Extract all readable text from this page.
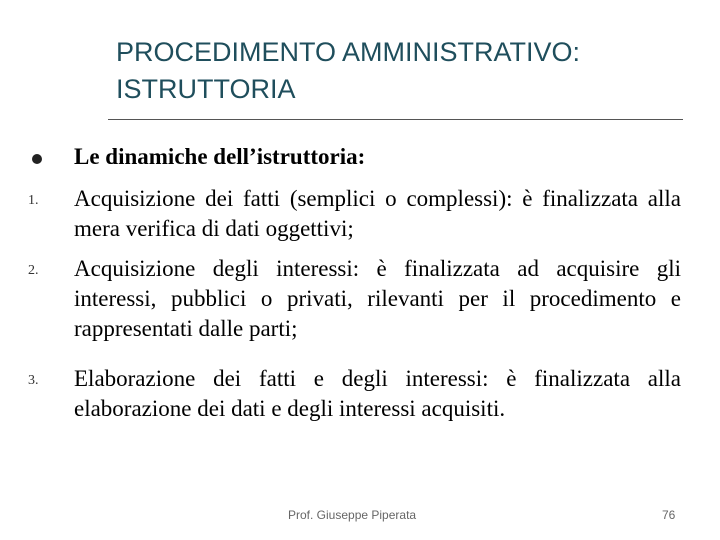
PROCEDIMENTO AMMINISTRATIVO:
ISTRUTTORIA
Le dinamiche dell’istruttoria:
1.	Acquisizione dei fatti (semplici o complessi): è finalizzata alla mera verifica di dati oggettivi;
2.	Acquisizione degli interessi: è finalizzata ad acquisire gli interessi, pubblici o privati, rilevanti per il procedimento e rappresentati dalle parti;
3.	Elaborazione dei fatti e degli interessi: è finalizzata alla elaborazione dei dati e degli interessi acquisiti.
Prof. Giuseppe Piperata	76
